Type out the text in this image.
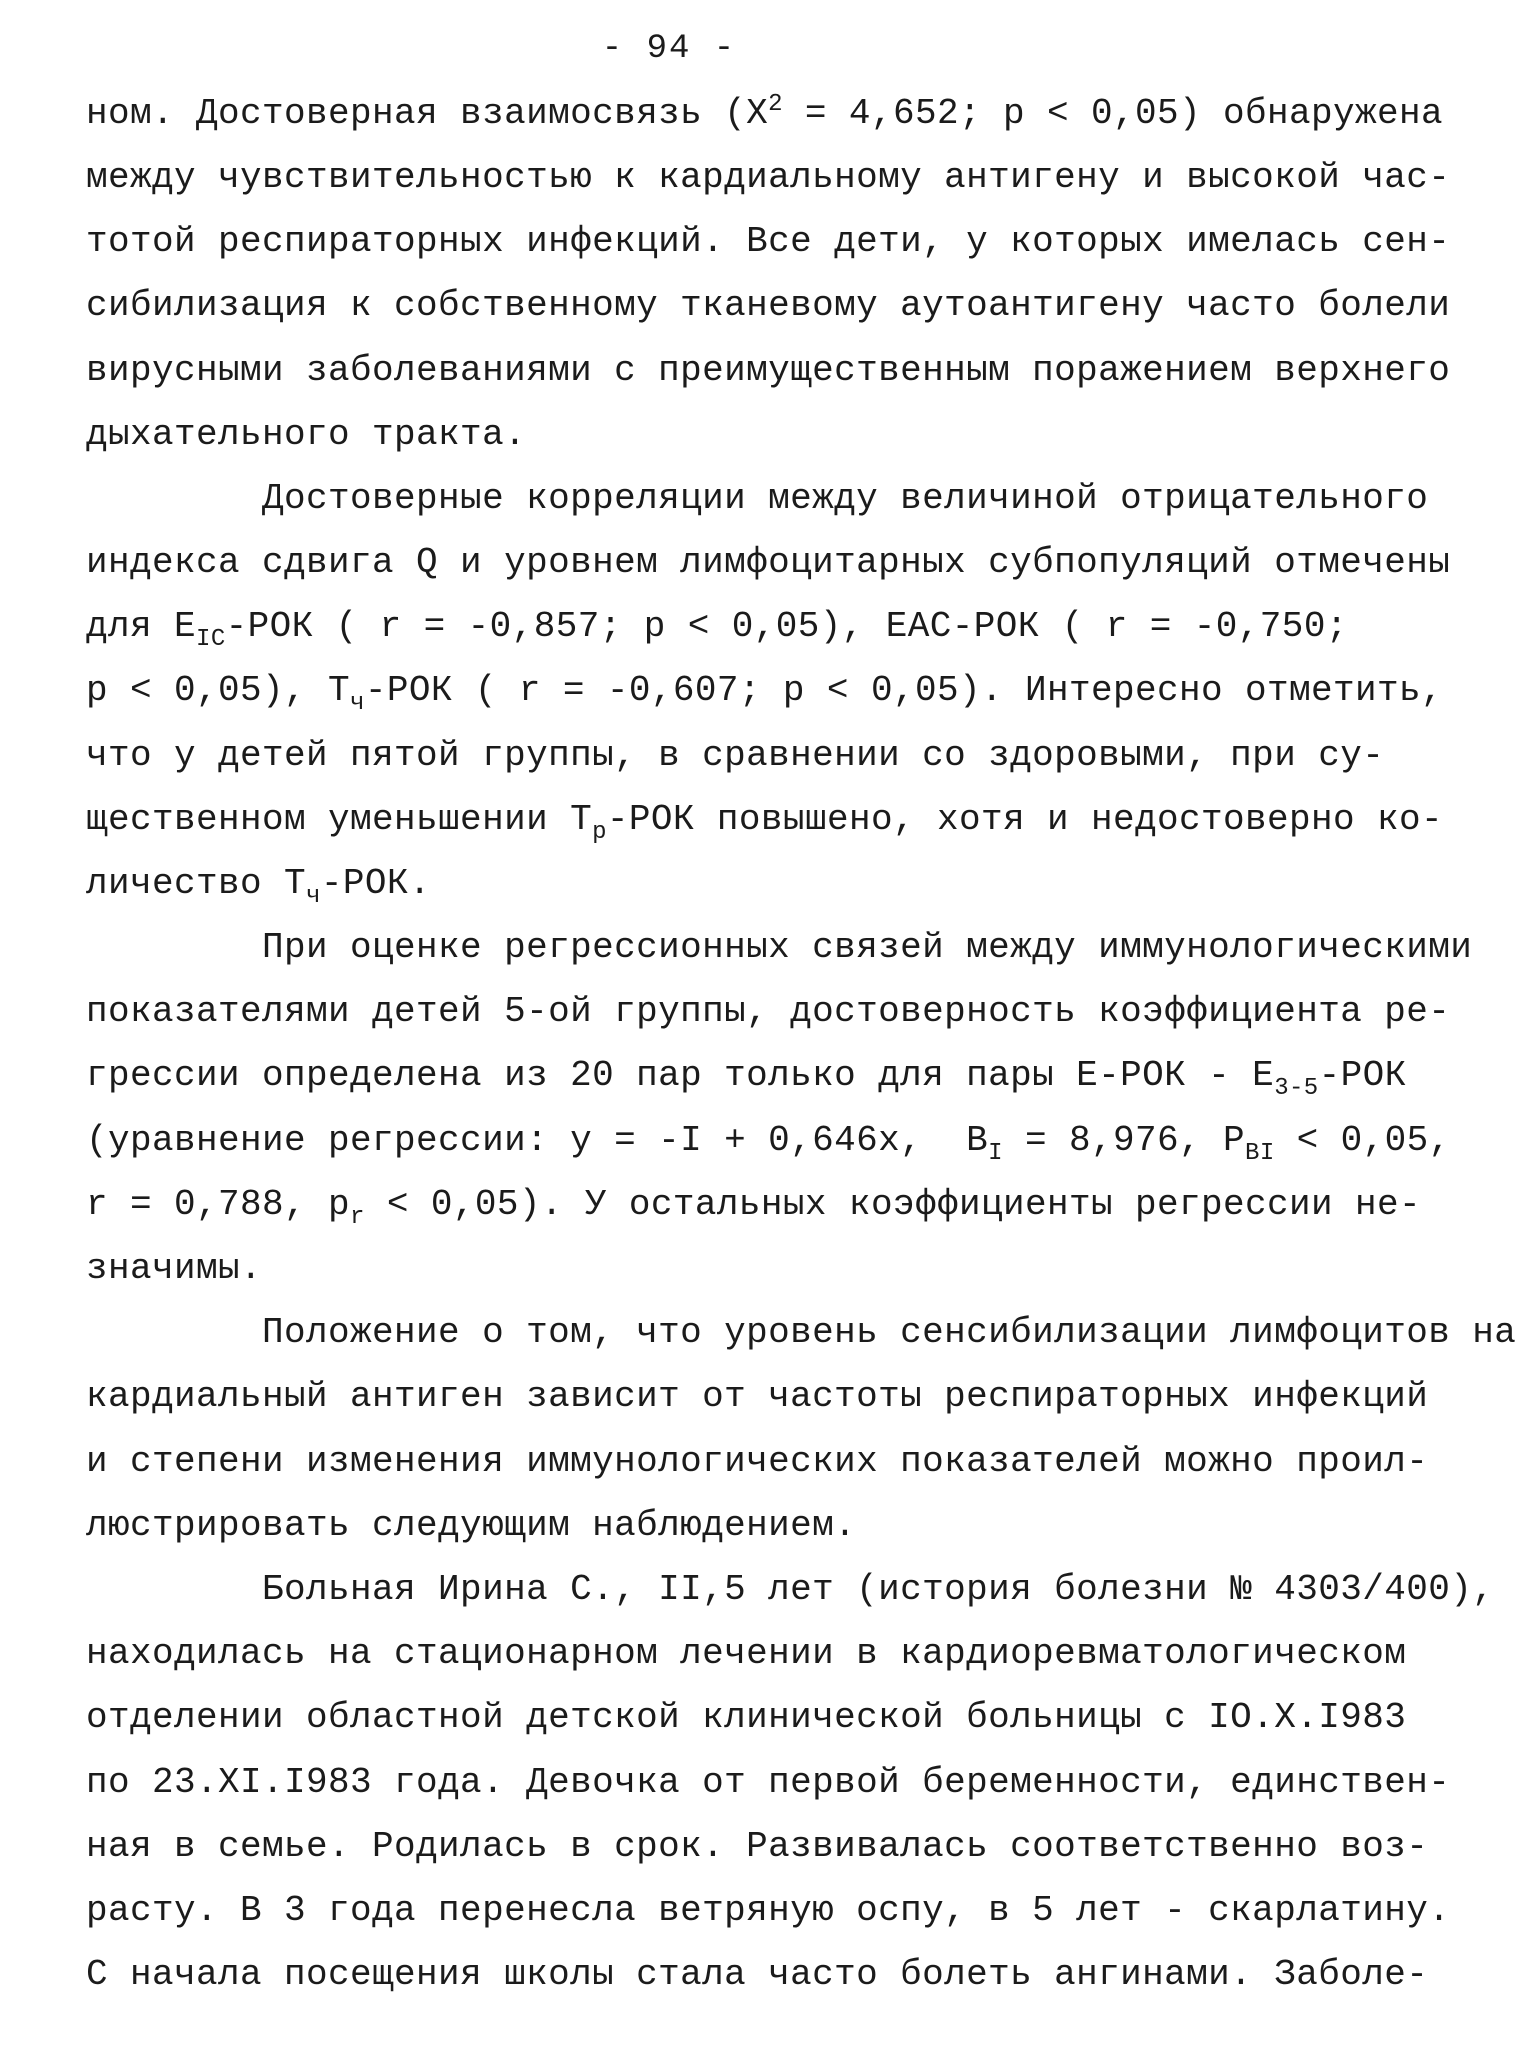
- 94 -
ном. Достоверная взаимосвязь ($X^2 = 4,652$; p < 0,05) обнаружена
между чувствительностью к кардиальному антигену и высокой час-
тотой респираторных инфекций. Все дети, у которых имелась сен-
сибилизация к собственному тканевому аутоантигену часто болели
вирусными заболеваниями с преимущественным поражением верхнего
дыхательного тракта.
Достоверные корреляции между величиной отрицательного
индекса сдвига Q и уровнем лимфоцитарных субпопуляций отмечены
для $E_{IC}$-РОК ( r = -0,857; p < 0,05), ЕАС-РОК ( r = -0,750;
p < 0,05), $T_ч$-РОК ( r = -0,607; p < 0,05). Интересно отметить,
что у детей пятой группы, в сравнении со здоровыми, при су-
щественном уменьшении $T_p$-РОК повышено, хотя и недостоверно ко-
личество $T_ч$-РОК.
При оценке регрессионных связей между иммунологическими
показателями детей 5-ой группы, достоверность коэффициента ре-
грессии определена из 20 пар только для пары $Е-РОК - E_{3-5}$-РОК
(уравнение регрессии: y = -I + 0,646x,  $B_I = 8,976$, $P_{BI} < 0,05$,
r = 0,788, $p_r < 0,05$). У остальных коэффициенты регрессии не-
значимы.
Положение о том, что уровень сенсибилизации лимфоцитов на
кардиальный антиген зависит от частоты респираторных инфекций
и степени изменения иммунологических показателей можно проил-
люстрировать следующим наблюдением.
Больная Ирина С., II,5 лет (история болезни № 4303/400),
находилась на стационарном лечении в кардиоревматологическом
отделении областной детской клинической больницы с IO.X.I983
по 23.XI.I983 года. Девочка от первой беременности, единствен-
ная в семье. Родилась в срок. Развивалась соответственно воз-
расту. В 3 года перенесла ветряную оспу, в 5 лет - скарлатину.
С начала посещения школы стала часто болеть ангинами. Заболе-
